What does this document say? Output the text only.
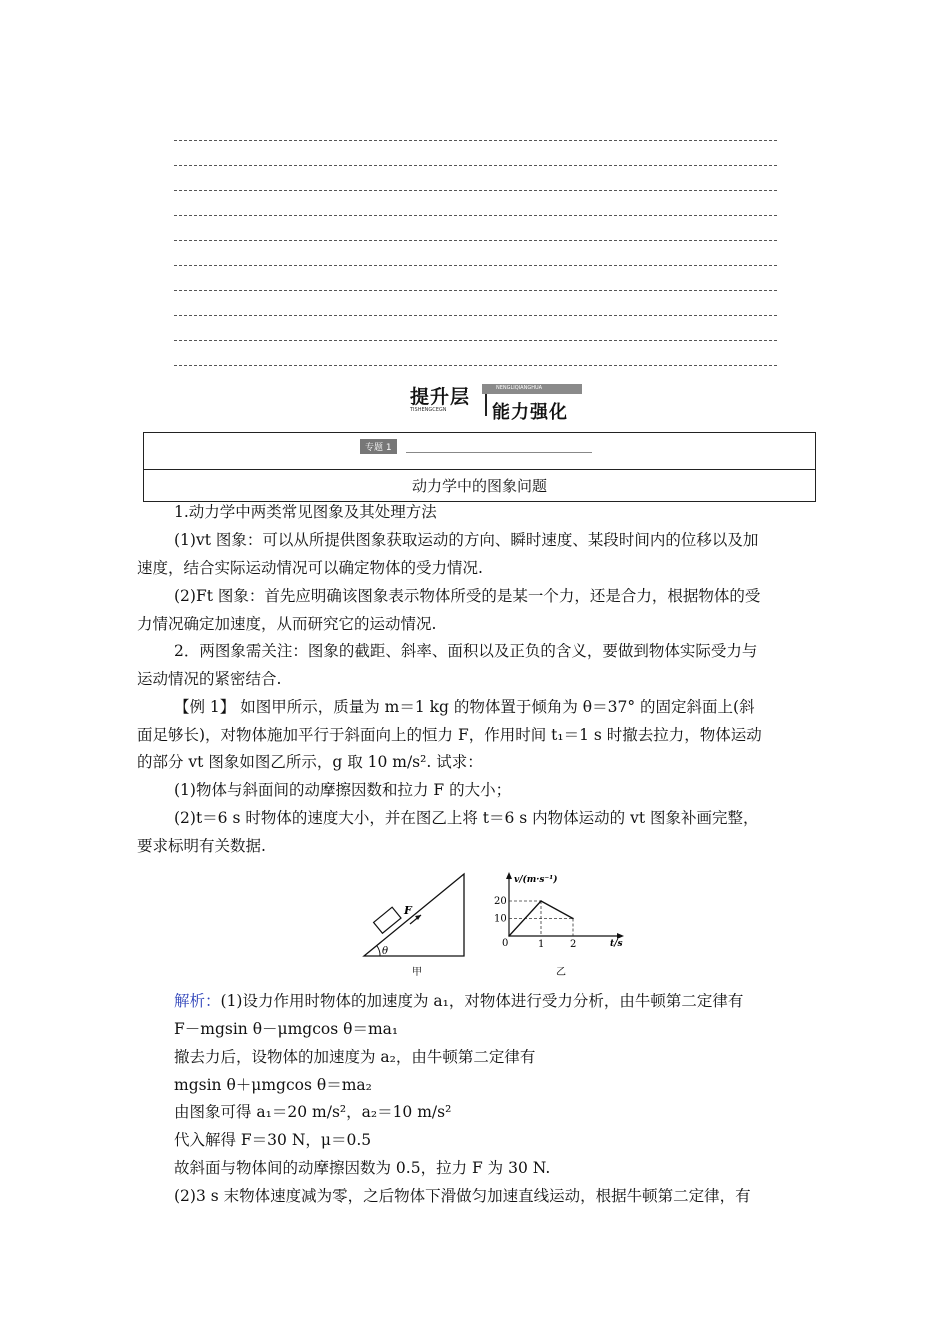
提升层
TISHENGCEGN
NENGLIQIANGHUA
能力强化
专题 1
动力学中的图象问题
1.动力学中两类常见图象及其处理方法
(1)vt 图象：可以从所提供图象获取运动的方向、瞬时速度、某段时间内的位移以及加
速度，结合实际运动情况可以确定物体的受力情况.
(2)Ft 图象：首先应明确该图象表示物体所受的是某一个力，还是合力，根据物体的受
力情况确定加速度，从而研究它的运动情况.
2．两图象需关注：图象的截距、斜率、面积以及正负的含义，要做到物体实际受力与
运动情况的紧密结合.
【例 1】 如图甲所示，质量为 m＝1 kg 的物体置于倾角为 θ＝37° 的固定斜面上(斜
面足够长)，对物体施加平行于斜面向上的恒力 F，作用时间 t₁＝1 s 时撤去拉力，物体运动
的部分 vt 图象如图乙所示，g 取 10 m/s². 试求：
(1)物体与斜面间的动摩擦因数和拉力 F 的大小；
(2)t＝6 s 时物体的速度大小，并在图乙上将 t＝6 s 内物体运动的 vt 图象补画完整，
要求标明有关数据.
F
θ
甲
v/(m·s⁻¹)
t/s
0	1	2
10
20
乙
解析：(1)设力作用时物体的加速度为 a₁，对物体进行受力分析，由牛顿第二定律有
F－mgsin θ－μmgcos θ＝ma₁
撤去力后，设物体的加速度为 a₂，由牛顿第二定律有
mgsin θ＋μmgcos θ＝ma₂
由图象可得 a₁＝20 m/s²，a₂＝10 m/s²
代入解得 F＝30 N，μ＝0.5
故斜面与物体间的动摩擦因数为 0.5，拉力 F 为 30 N.
(2)3 s 末物体速度减为零，之后物体下滑做匀加速直线运动，根据牛顿第二定律，有
